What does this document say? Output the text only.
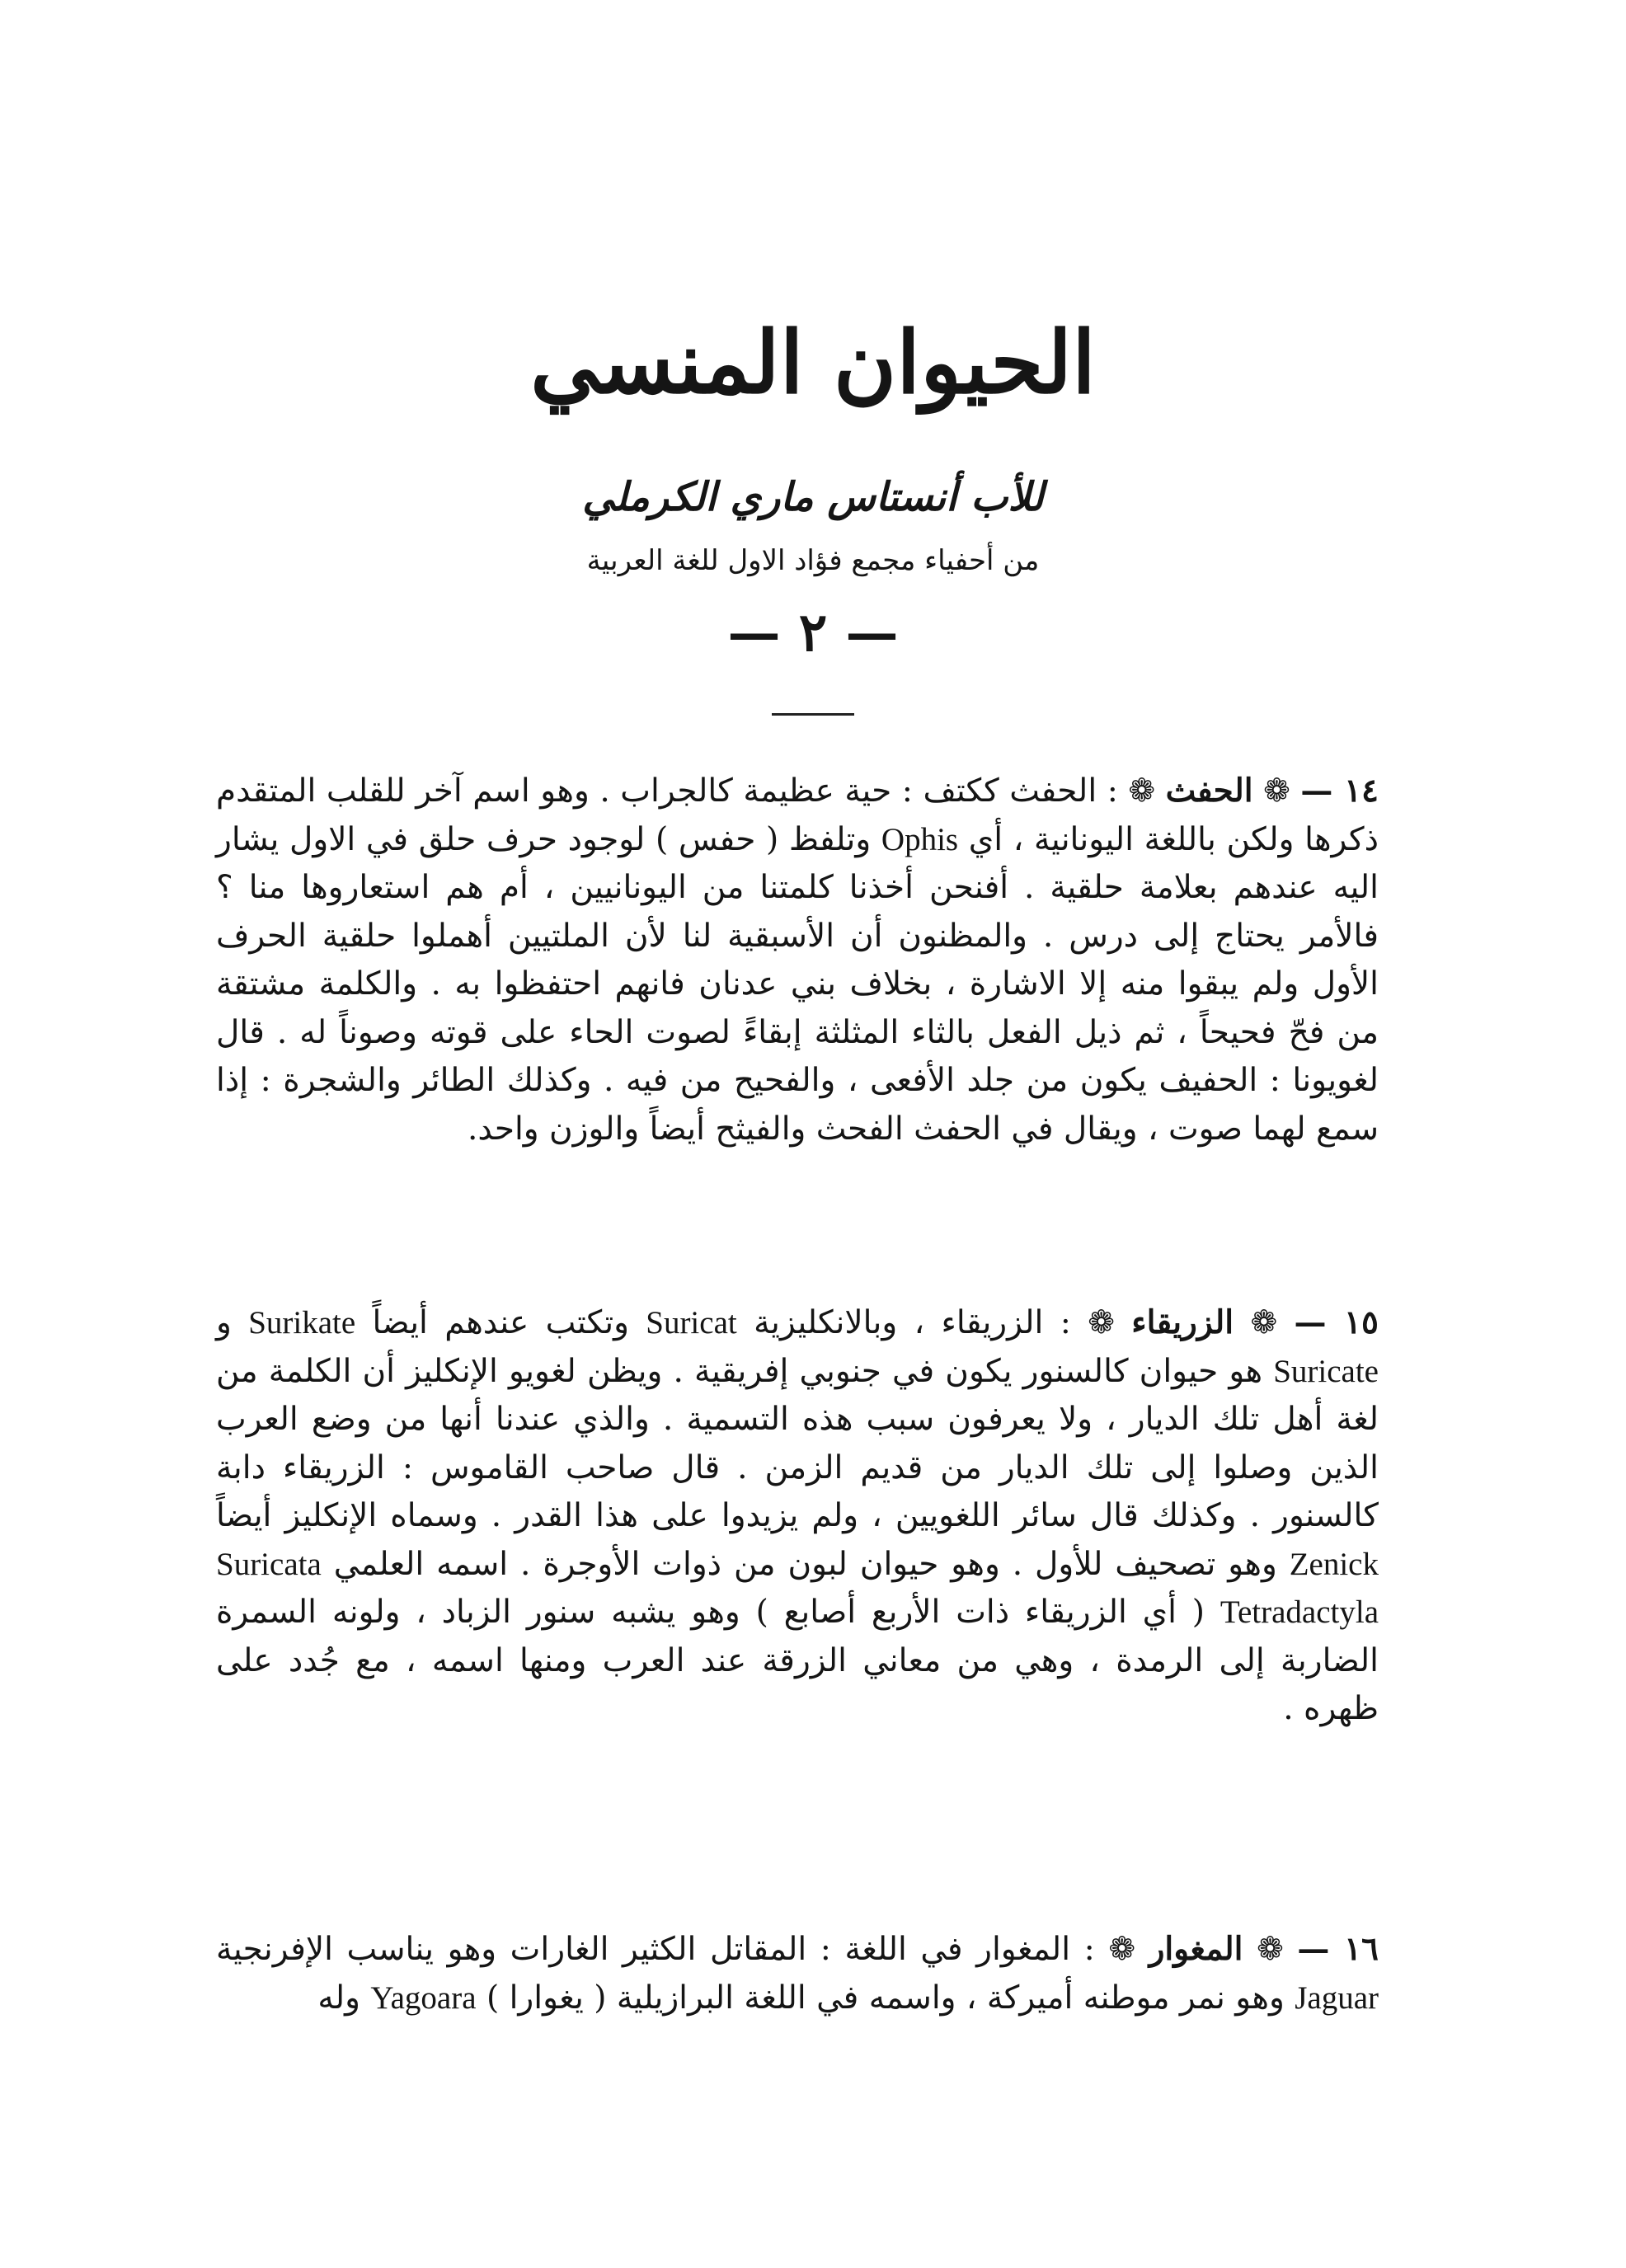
الحيوان المنسي
للأب أنستاس ماري الكرملي
من أحفياء مجمع فؤاد الاول للغة العربية
— ٢ —

١٤ — ❁ الحفث ❁ : الحفث ككتف : حية عظيمة كالجراب . وهو اسم آخر للقلب المتقدم ذكرها ولكن باللغة اليونانية ، أي Ophis وتلفظ ( حفس ) لوجود حرف حلق في الاول يشار اليه عندهم بعلامة حلقية . أفنحن أخذنا كلمتنا من اليونانيين ، أم هم استعاروها منا ؟ فالأمر يحتاج إلى درس . والمظنون أن الأسبقية لنا لأن الملتيين أهملوا حلقية الحرف الأول ولم يبقوا منه إلا الاشارة ، بخلاف بني عدنان فانهم احتفظوا به . والكلمة مشتقة من فحّ فحيحاً ، ثم ذيل الفعل بالثاء المثلثة إبقاءً لصوت الحاء على قوته وصوناً له . قال لغويونا : الحفيف يكون من جلد الأفعى ، والفحيح من فيه . وكذلك الطائر والشجرة : إذا سمع لهما صوت ، ويقال في الحفث الفحث والفيثح أيضاً والوزن واحد.

١٥ — ❁ الزريقاء ❁ : الزريقاء ، وبالانكليزية Suricat وتكتب عندهم أيضاً Surikate و Suricate هو حيوان كالسنور يكون في جنوبي إفريقية . ويظن لغويو الإنكليز أن الكلمة من لغة أهل تلك الديار ، ولا يعرفون سبب هذه التسمية . والذي عندنا أنها من وضع العرب الذين وصلوا إلى تلك الديار من قديم الزمن . قال صاحب القاموس : الزريقاء دابة كالسنور . وكذلك قال سائر اللغويين ، ولم يزيدوا على هذا القدر . وسماه الإنكليز أيضاً Zenick وهو تصحيف للأول . وهو حيوان لبون من ذوات الأوجرة . اسمه العلمي Suricata Tetradactyla ( أي الزريقاء ذات الأربع أصابع ) وهو يشبه سنور الزباد ، ولونه السمرة الضاربة إلى الرمدة ، وهي من معاني الزرقة عند العرب ومنها اسمه ، مع جُدد على ظهره .

١٦ — ❁ المغوار ❁ : المغوار في اللغة : المقاتل الكثير الغارات وهو يناسب الإفرنجية Jaguar وهو نمر موطنه أميركة ، واسمه في اللغة البرازيلية ( يغوارا ) Yagoara وله
